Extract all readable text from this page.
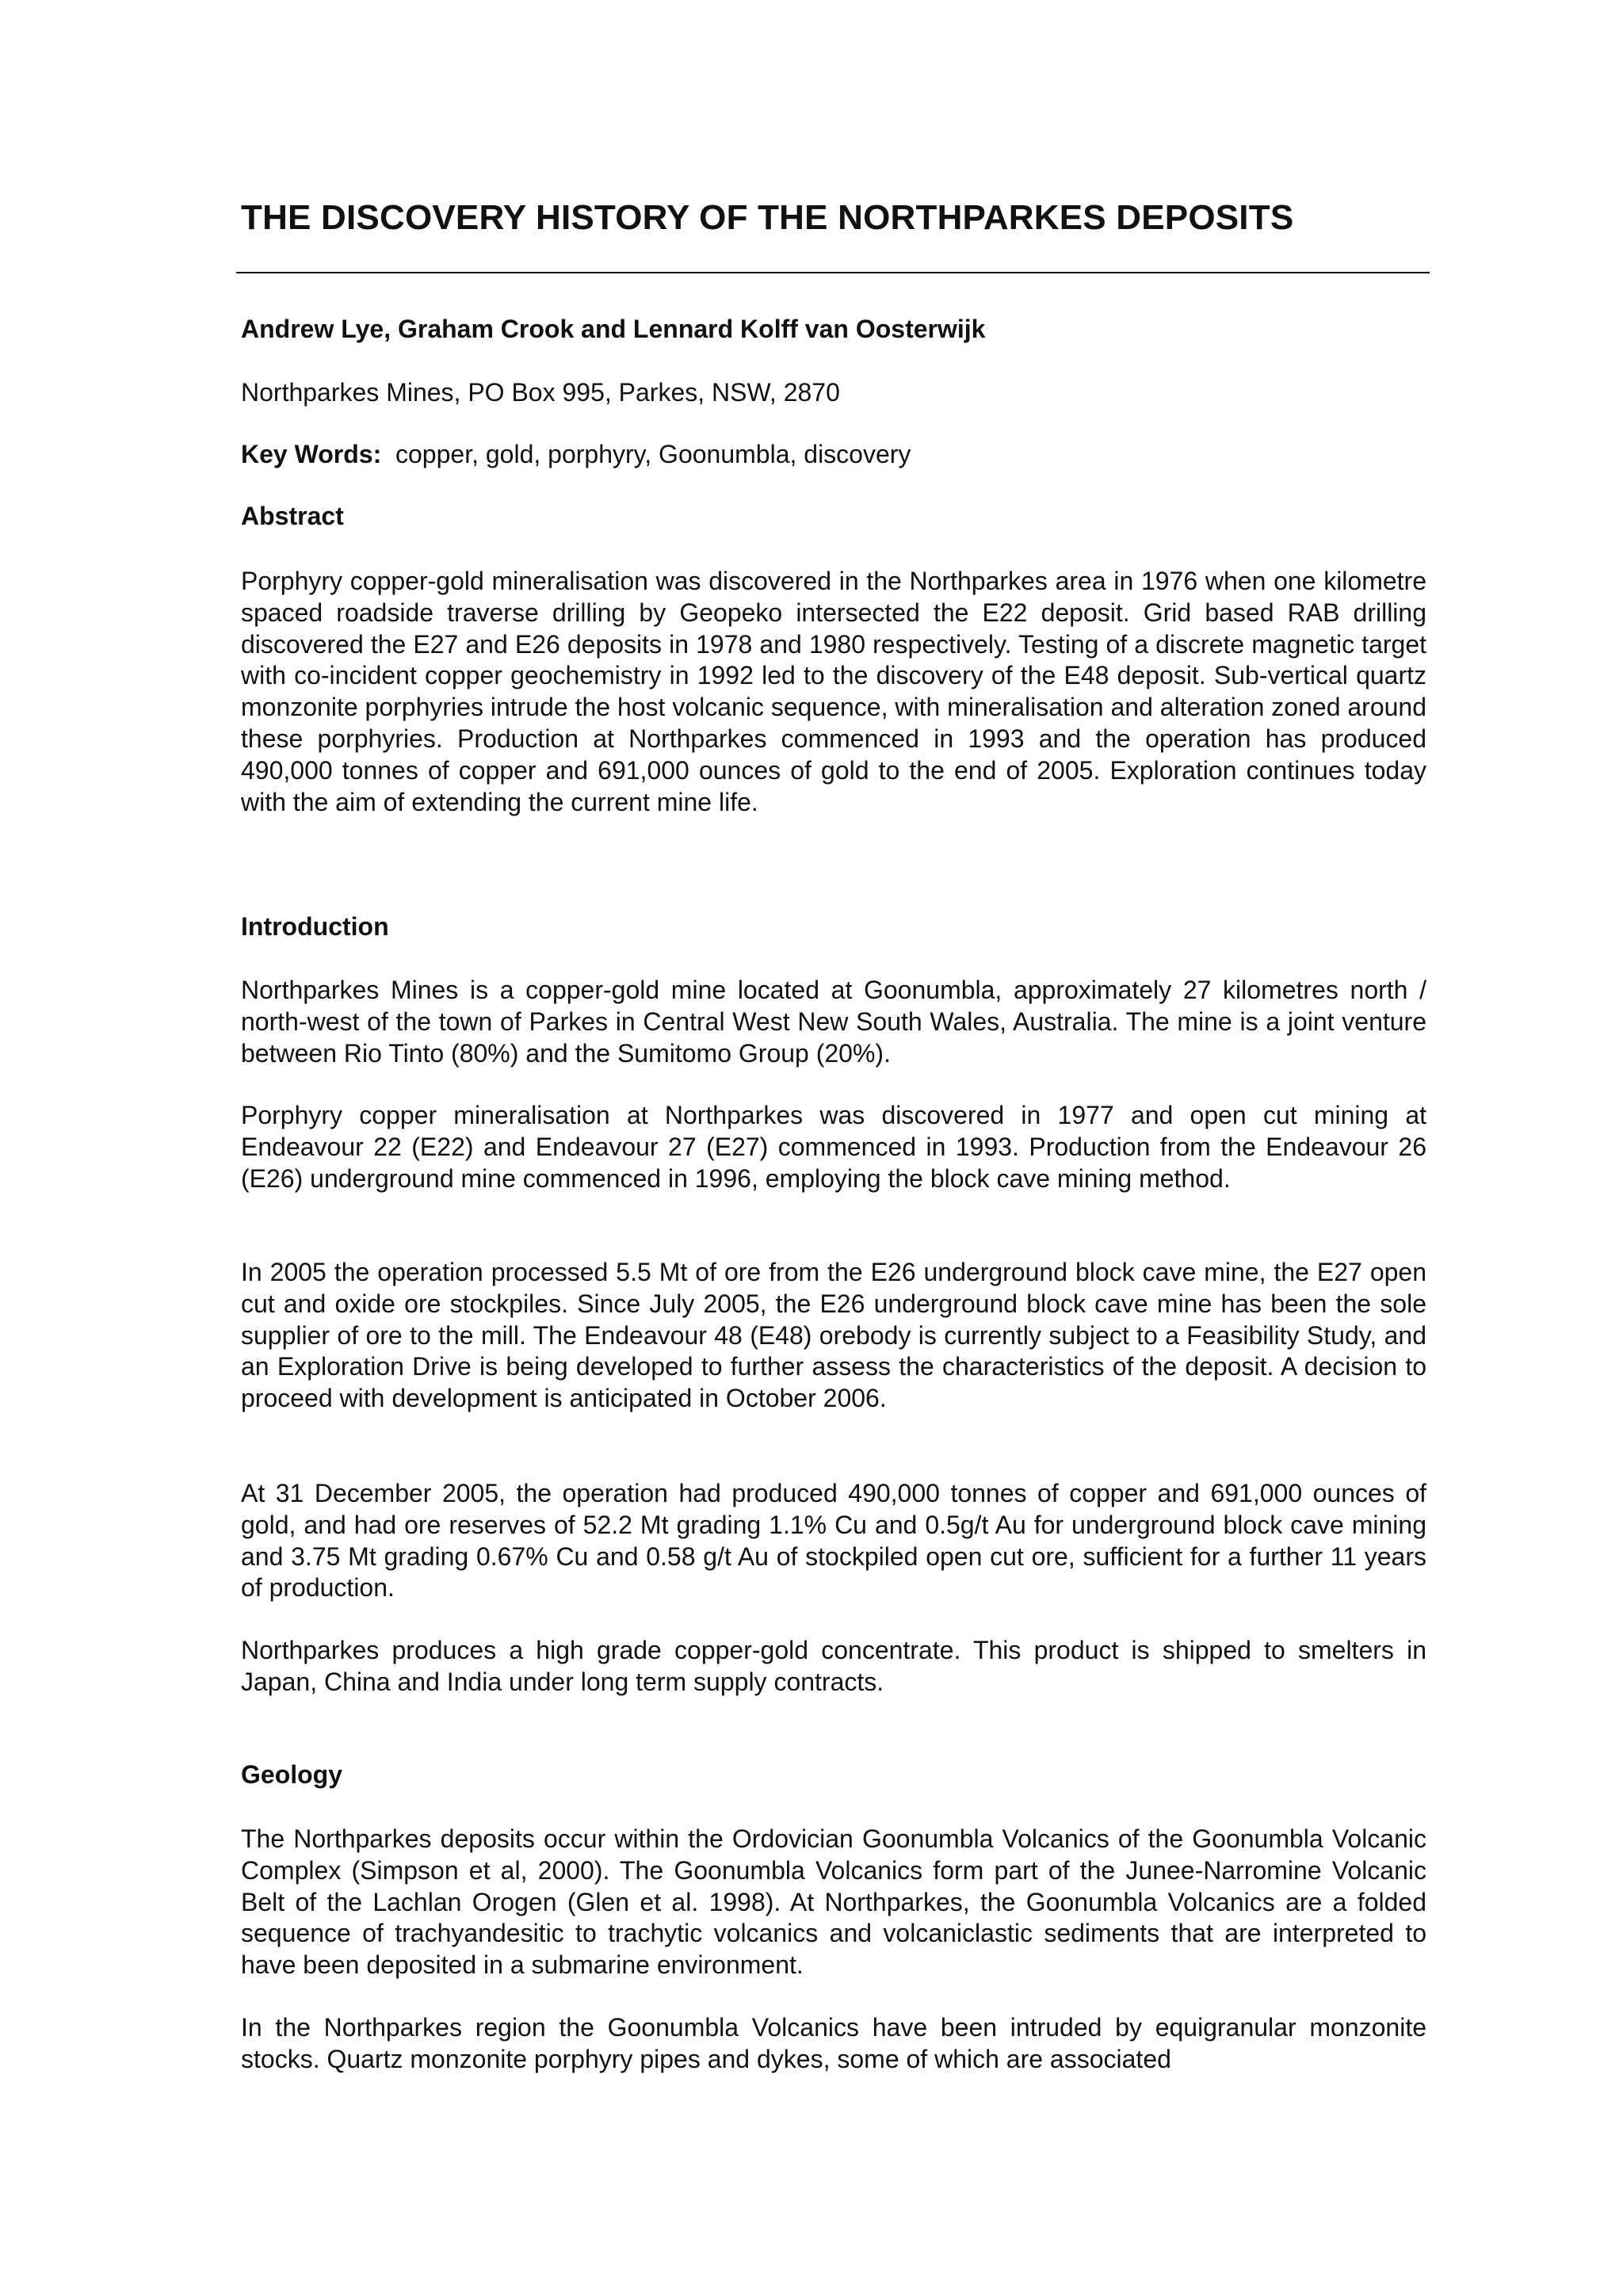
THE DISCOVERY HISTORY OF THE NORTHPARKES DEPOSITS

Andrew Lye, Graham Crook and Lennard Kolff van Oosterwijk

Northparkes Mines, PO Box 995, Parkes, NSW, 2870

Key Words: copper, gold, porphyry, Goonumbla, discovery

Abstract

Porphyry copper-gold mineralisation was discovered in the Northparkes area in 1976 when one kilometre spaced roadside traverse drilling by Geopeko intersected the E22 deposit. Grid based RAB drilling discovered the E27 and E26 deposits in 1978 and 1980 respectively. Testing of a discrete magnetic target with co-incident copper geochemistry in 1992 led to the discovery of the E48 deposit. Sub-vertical quartz monzonite porphyries intrude the host volcanic sequence, with mineralisation and alteration zoned around these porphyries. Production at Northparkes commenced in 1993 and the operation has produced 490,000 tonnes of copper and 691,000 ounces of gold to the end of 2005. Exploration continues today with the aim of extending the current mine life.

Introduction

Northparkes Mines is a copper-gold mine located at Goonumbla, approximately 27 kilometres north / north-west of the town of Parkes in Central West New South Wales, Australia. The mine is a joint venture between Rio Tinto (80%) and the Sumitomo Group (20%).

Porphyry copper mineralisation at Northparkes was discovered in 1977 and open cut mining at Endeavour 22 (E22) and Endeavour 27 (E27) commenced in 1993. Production from the Endeavour 26 (E26) underground mine commenced in 1996, employing the block cave mining method.

In 2005 the operation processed 5.5 Mt of ore from the E26 underground block cave mine, the E27 open cut and oxide ore stockpiles. Since July 2005, the E26 underground block cave mine has been the sole supplier of ore to the mill. The Endeavour 48 (E48) orebody is currently subject to a Feasibility Study, and an Exploration Drive is being developed to further assess the characteristics of the deposit. A decision to proceed with development is anticipated in October 2006.

At 31 December 2005, the operation had produced 490,000 tonnes of copper and 691,000 ounces of gold, and had ore reserves of 52.2 Mt grading 1.1% Cu and 0.5g/t Au for underground block cave mining and 3.75 Mt grading 0.67% Cu and 0.58 g/t Au of stockpiled open cut ore, sufficient for a further 11 years of production.

Northparkes produces a high grade copper-gold concentrate. This product is shipped to smelters in Japan, China and India under long term supply contracts.

Geology

The Northparkes deposits occur within the Ordovician Goonumbla Volcanics of the Goonumbla Volcanic Complex (Simpson et al, 2000). The Goonumbla Volcanics form part of the Junee-Narromine Volcanic Belt of the Lachlan Orogen (Glen et al. 1998). At Northparkes, the Goonumbla Volcanics are a folded sequence of trachyandesitic to trachytic volcanics and volcaniclastic sediments that are interpreted to have been deposited in a submarine environment.

In the Northparkes region the Goonumbla Volcanics have been intruded by equigranular monzonite stocks. Quartz monzonite porphyry pipes and dykes, some of which are associated
